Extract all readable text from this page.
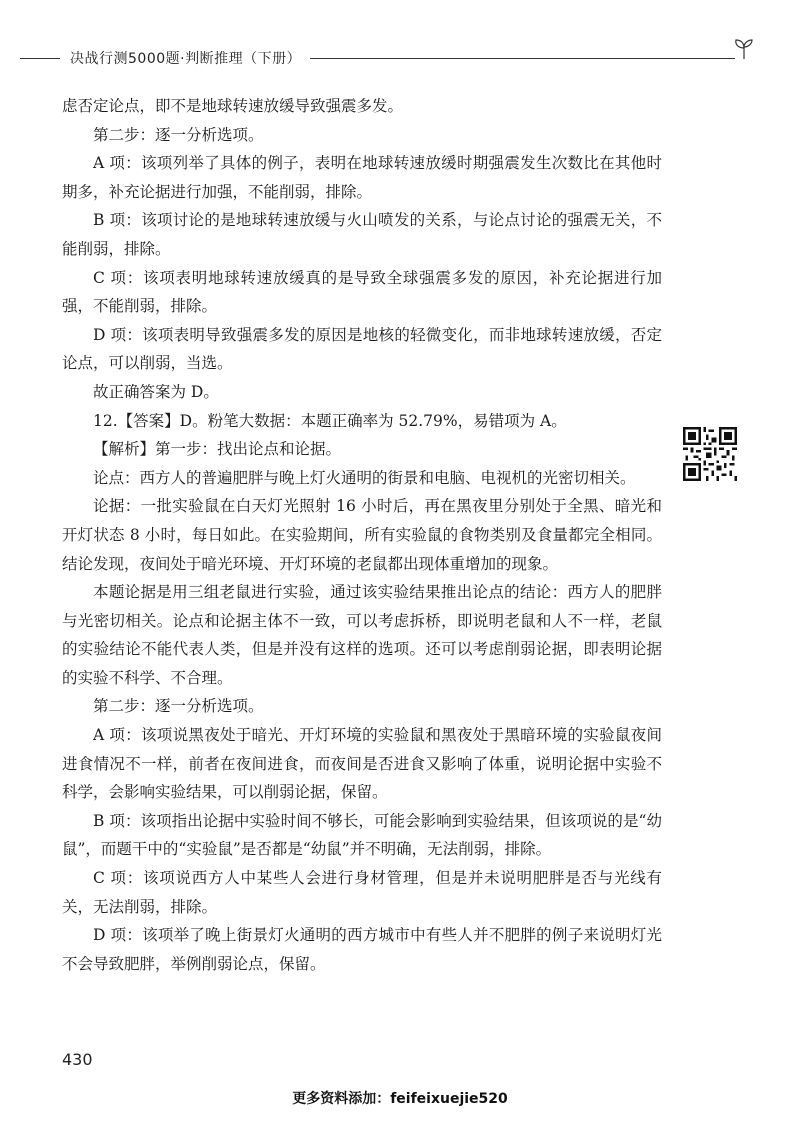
决战行测5000题·判断推理（下册）

虑否定论点，即不是地球转速放缓导致强震多发。

第二步：逐一分析选项。

A 项：该项列举了具体的例子，表明在地球转速放缓时期强震发生次数比在其他时期多，补充论据进行加强，不能削弱，排除。

B 项：该项讨论的是地球转速放缓与火山喷发的关系，与论点讨论的强震无关，不能削弱，排除。

C 项：该项表明地球转速放缓真的是导致全球强震多发的原因，补充论据进行加强，不能削弱，排除。

D 项：该项表明导致强震多发的原因是地核的轻微变化，而非地球转速放缓，否定论点，可以削弱，当选。

故正确答案为 D。

12.【答案】D。粉笔大数据：本题正确率为 52.79%，易错项为 A。

【解析】第一步：找出论点和论据。

论点：西方人的普遍肥胖与晚上灯火通明的街景和电脑、电视机的光密切相关。

论据：一批实验鼠在白天灯光照射 16 小时后，再在黑夜里分别处于全黑、暗光和开灯状态 8 小时，每日如此。在实验期间，所有实验鼠的食物类别及食量都完全相同。结论发现，夜间处于暗光环境、开灯环境的老鼠都出现体重增加的现象。

本题论据是用三组老鼠进行实验，通过该实验结果推出论点的结论：西方人的肥胖与光密切相关。论点和论据主体不一致，可以考虑拆桥，即说明老鼠和人不一样，老鼠的实验结论不能代表人类，但是并没有这样的选项。还可以考虑削弱论据，即表明论据的实验不科学、不合理。

第二步：逐一分析选项。

A 项：该项说黑夜处于暗光、开灯环境的实验鼠和黑夜处于黑暗环境的实验鼠夜间进食情况不一样，前者在夜间进食，而夜间是否进食又影响了体重，说明论据中实验不科学，会影响实验结果，可以削弱论据，保留。

B 项：该项指出论据中实验时间不够长，可能会影响到实验结果，但该项说的是“幼鼠”，而题干中的“实验鼠”是否都是“幼鼠”并不明确，无法削弱，排除。

C 项：该项说西方人中某些人会进行身材管理，但是并未说明肥胖是否与光线有关，无法削弱，排除。

D 项：该项举了晚上街景灯火通明的西方城市中有些人并不肥胖的例子来说明灯光不会导致肥胖，举例削弱论点，保留。

430
更多资料添加：feifeixuejie520
